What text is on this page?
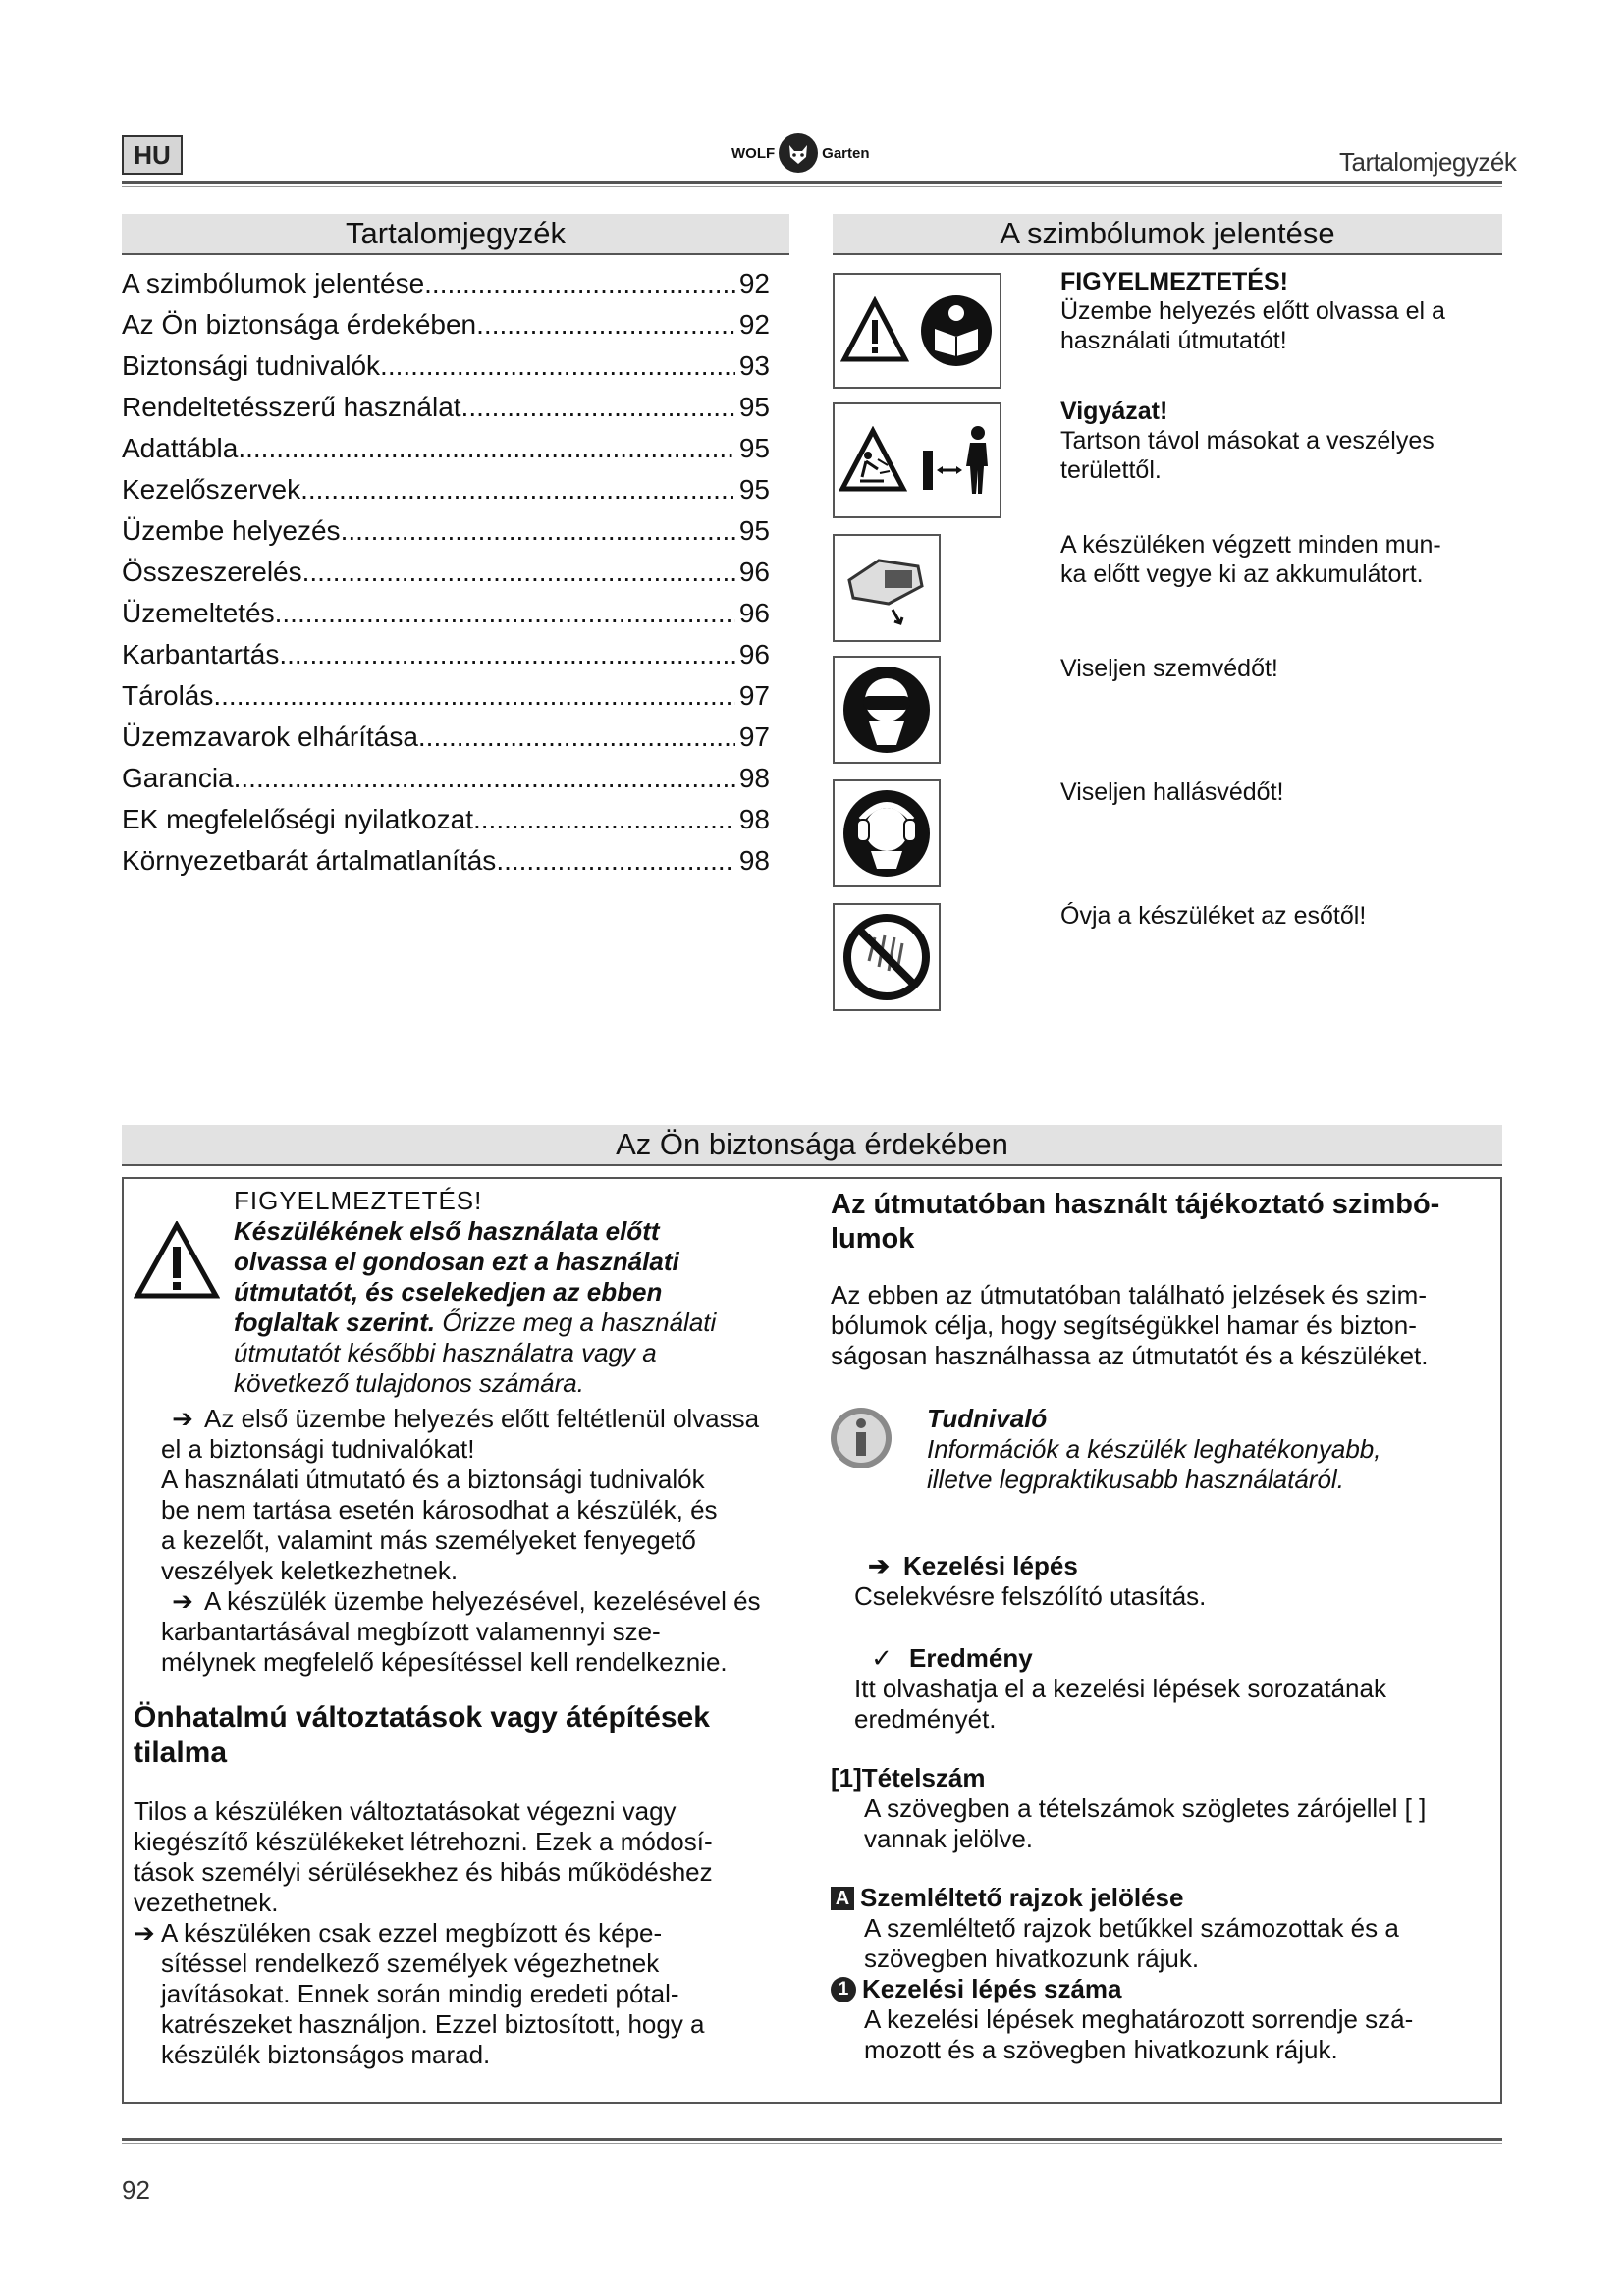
HU	WOLF	Garten	Tartalomjegyzék
Tartalomjegyzék
A szimbólumok jelentése .....	92
Az Ön biztonsága érdekében .....	92
Biztonsági tudnivalók .....	93
Rendeltetésszerű használat .....	95
Adattábla .....	95
Kezelőszervek .....	95
Üzembe helyezés .....	95
Összeszerelés .....	96
Üzemeltetés .....	96
Karbantartás .....	96
Tárolás .....	97
Üzemzavarok elhárítása .....	97
Garancia .....	98
EK megfelelőségi nyilatkozat .....	98
Környezetbarát ártalmatlanítás .....	98
A szimbólumok jelentése
FIGYELMEZTETÉS!
Üzembe helyezés előtt olvassa el a
használati útmutatót!
Vigyázat!
Tartson távol másokat a veszélyes
területtől.
A készüléken végzett minden mun-
ka előtt vegye ki az akkumulátort.
Viseljen szemvédőt!
Viseljen hallásvédőt!
Óvja a készüléket az esőtől!
Az Ön biztonsága érdekében
FIGYELMEZTETÉS!
Készülékének első használata előtt
olvassa el gondosan ezt a használati
útmutatót, és cselekedjen az ebben
foglaltak szerint. Őrizze meg a használati
útmutatót későbbi használatra vagy a
következő tulajdonos számára.
➔ Az első üzembe helyezés előtt feltétlenül olvassa
el a biztonsági tudnivalókat!
A használati útmutató és a biztonsági tudnivalók
be nem tartása esetén károsodhat a készülék, és
a kezelőt, valamint más személyeket fenyegető
veszélyek keletkezhetnek.
➔ A készülék üzembe helyezésével, kezelésével és
karbantartásával megbízott valamennyi sze-
mélynek megfelelő képesítéssel kell rendelkeznie.
Önhatalmú változtatások vagy átépítések
tilalma
Tilos a készüléken változtatásokat végezni vagy
kiegészítő készülékeket létrehozni. Ezek a módosí-
tások személyi sérülésekhez és hibás működéshez
vezethetnek.
➔ A készüléken csak ezzel megbízott és képe-
sítéssel rendelkező személyek végezhetnek
javításokat. Ennek során mindig eredeti pótal-
katrészeket használjon. Ezzel biztosított, hogy a
készülék biztonságos marad.
Az útmutatóban használt tájékoztató szimbó-
lumok
Az ebben az útmutatóban található jelzések és szim-
bólumok célja, hogy segítségükkel hamar és bizton-
ságosan használhassa az útmutatót és a készüléket.
Tudnivaló
Információk a készülék leghatékonyabb,
illetve legpraktikusabb használatáról.
➔ Kezelési lépés
Cselekvésre felszólító utasítás.
✓ Eredmény
Itt olvashatja el a kezelési lépések sorozatának
eredményét.
[1]Tételszám
A szövegben a tételszámok szögletes zárójellel [ ]
vannak jelölve.
A Szemléltető rajzok jelölése
A szemléltető rajzok betűkkel számozottak és a
szövegben hivatkozunk rájuk.
1 Kezelési lépés száma
A kezelési lépések meghatározott sorrendje szá-
mozott és a szövegben hivatkozunk rájuk.
92
